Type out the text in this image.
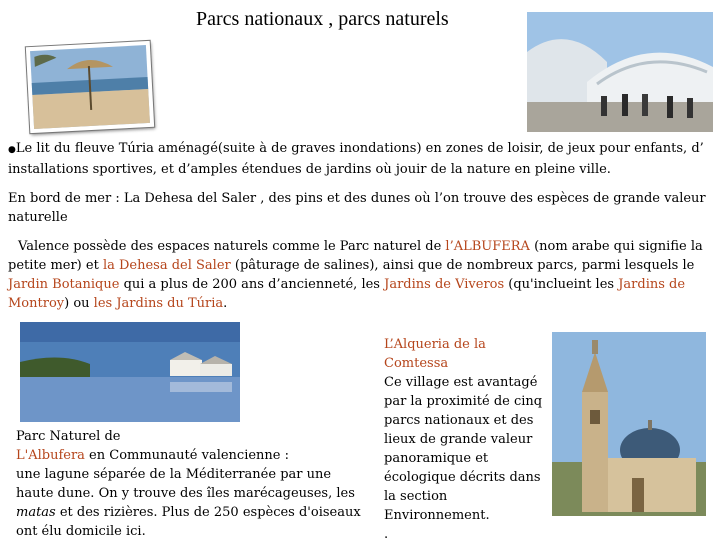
Parcs nationaux , parcs naturels
●Le lit du fleuve Túria aménagé(suite à de graves inondations) en zones de loisir, de jeux pour enfants, d’ installations sportives, et d’amples étendues de jardins où jouir de la nature en pleine ville.
En bord de mer : La Dehesa del Saler , des pins et des dunes où l’on trouve des espèces de grande valeur naturelle
Valence possède des espaces naturels comme le Parc naturel de l’ALBUFERA (nom arabe qui signifie la petite mer) et la Dehesa del Saler (pâturage de salines), ainsi que de nombreux parcs, parmi lesquels le Jardin Botanique qui a plus de 200 ans d’ancienneté, les Jardins de Viveros (qu'inclueint les Jardins de Montroy) ou les Jardins du Túria.
Parc Naturel de
L'Albufera en Communauté valencienne :
une lagune séparée de la Méditerranée par une haute dune. On y trouve des îles marécageuses, les matas et des rizières. Plus de 250 espèces d'oiseaux ont élu domicile ici.
L’Alqueria de la Comtessa
Ce village est avantagé par la proximité de cinq parcs nationaux et des lieux de grande valeur panoramique et écologique décrits dans la section Environnement.
.
